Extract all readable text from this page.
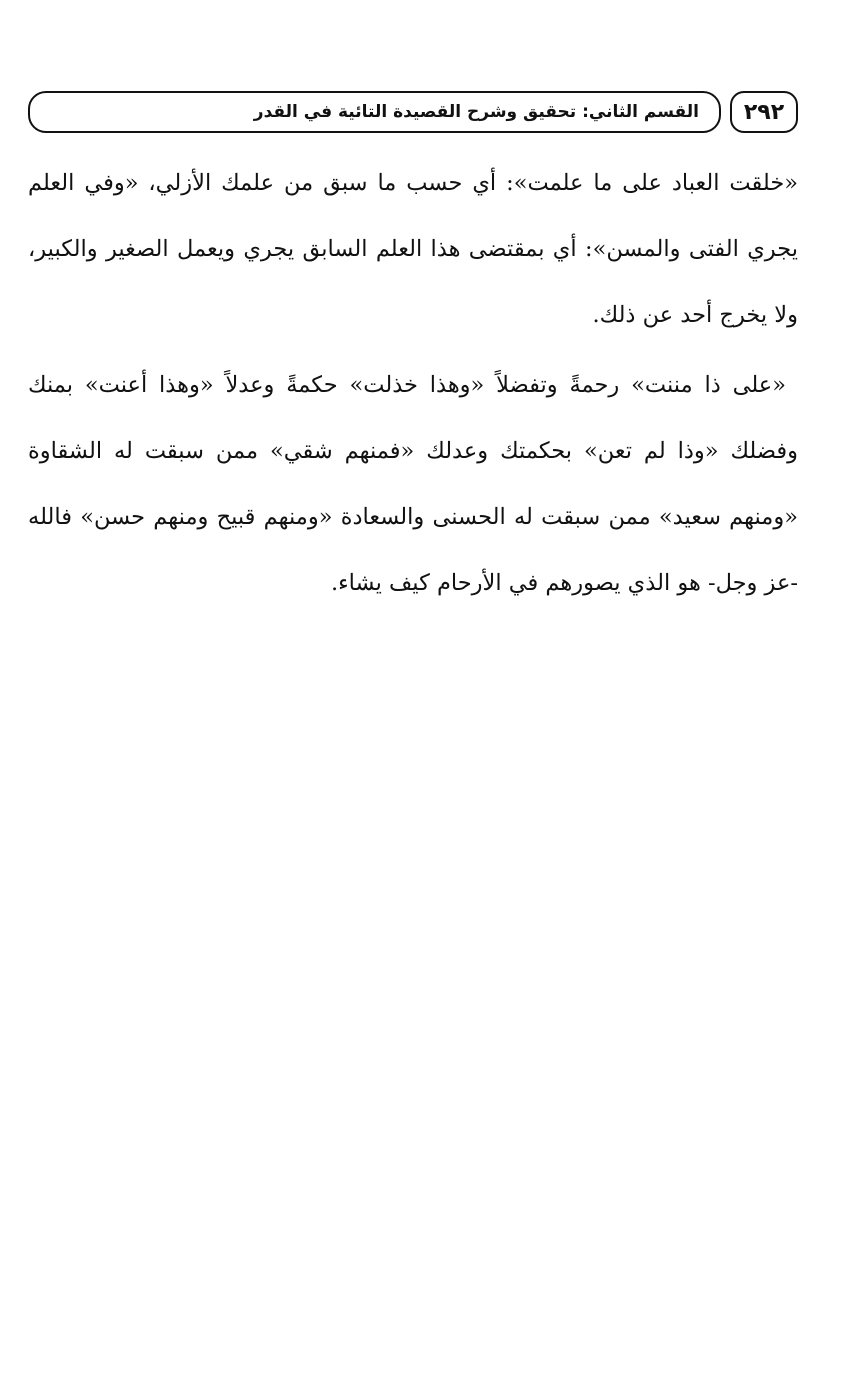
القسم الثاني: تحقيق وشرح القصيدة التائية في القدر ٢٩٢

«خلقت العباد على ما علمت»: أي حسب ما سبق من علمك الأزلي، «وفي العلم يجري الفتى والمسن»: أي بمقتضى هذا العلم السابق يجري ويعمل الصغير والكبير، ولا يخرج أحد عن ذلك.

«على ذا مننت» رحمةً وتفضلاً «وهذا خذلت» حكمةً وعدلاً «وهذا أعنت» بمنك وفضلك «وذا لم تعن» بحكمتك وعدلك «فمنهم شقي» ممن سبقت له الشقاوة «ومنهم سعيد» ممن سبقت له الحسنى والسعادة «ومنهم قبيح ومنهم حسن» فالله -عز وجل- هو الذي يصورهم في الأرحام كيف يشاء.
